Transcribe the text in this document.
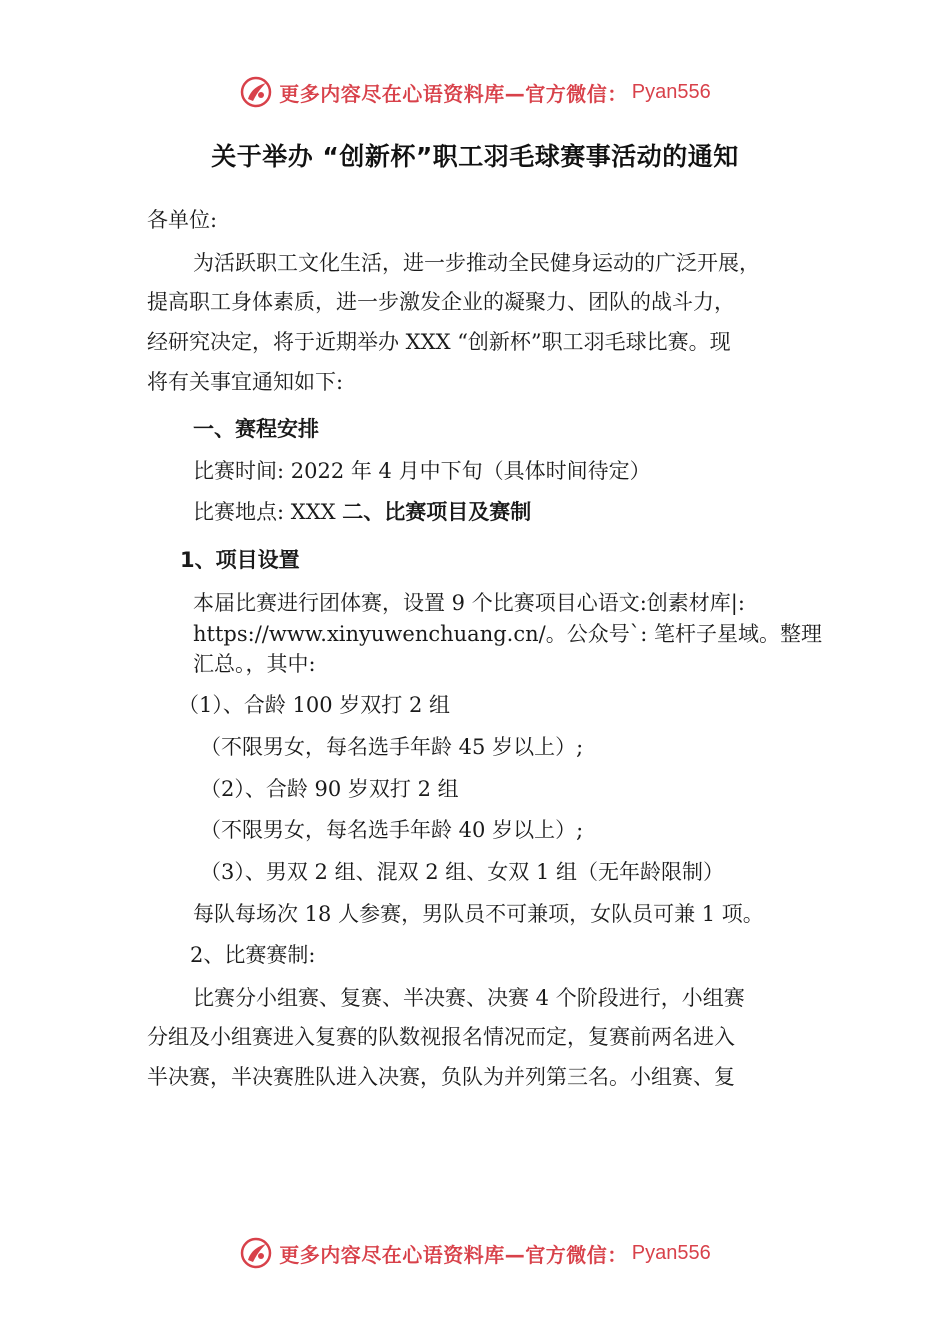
更多内容尽在心语资料库—官方微信： Pyan556
关于举办 “创新杯”职工羽毛球赛事活动的通知
各单位:
为活跃职工文化生活，进一步推动全民健身运动的广泛开展，
提高职工身体素质，进一步激发企业的凝聚力、团队的战斗力，
经研究决定，将于近期举办 XXX “创新杯”职工羽毛球比赛。现
将有关事宜通知如下:
一、赛程安排
比赛时间: 2022 年 4 月中下旬（具体时间待定）
比赛地点: XXX 二、比赛项目及赛制
1、项目设置
本届比赛进行团体赛，设置 9 个比赛项目心语文:创素材库|:
https://www.xinyuwenchuang.cn/。公众号`: 笔杆子星域。整理
汇总。，其中:
（1）、合龄 100 岁双打 2 组
（不限男女，每名选手年龄 45 岁以上）;
（2）、合龄 90 岁双打 2 组
（不限男女，每名选手年龄 40 岁以上）;
（3）、男双 2 组、混双 2 组、女双 1 组（无年龄限制）
每队每场次 18 人参赛，男队员不可兼项，女队员可兼 1 项。
2、比赛赛制:
比赛分小组赛、复赛、半决赛、决赛 4 个阶段进行，小组赛
分组及小组赛进入复赛的队数视报名情况而定，复赛前两名进入
半决赛，半决赛胜队进入决赛，负队为并列第三名。小组赛、复
更多内容尽在心语资料库—官方微信： Pyan556
